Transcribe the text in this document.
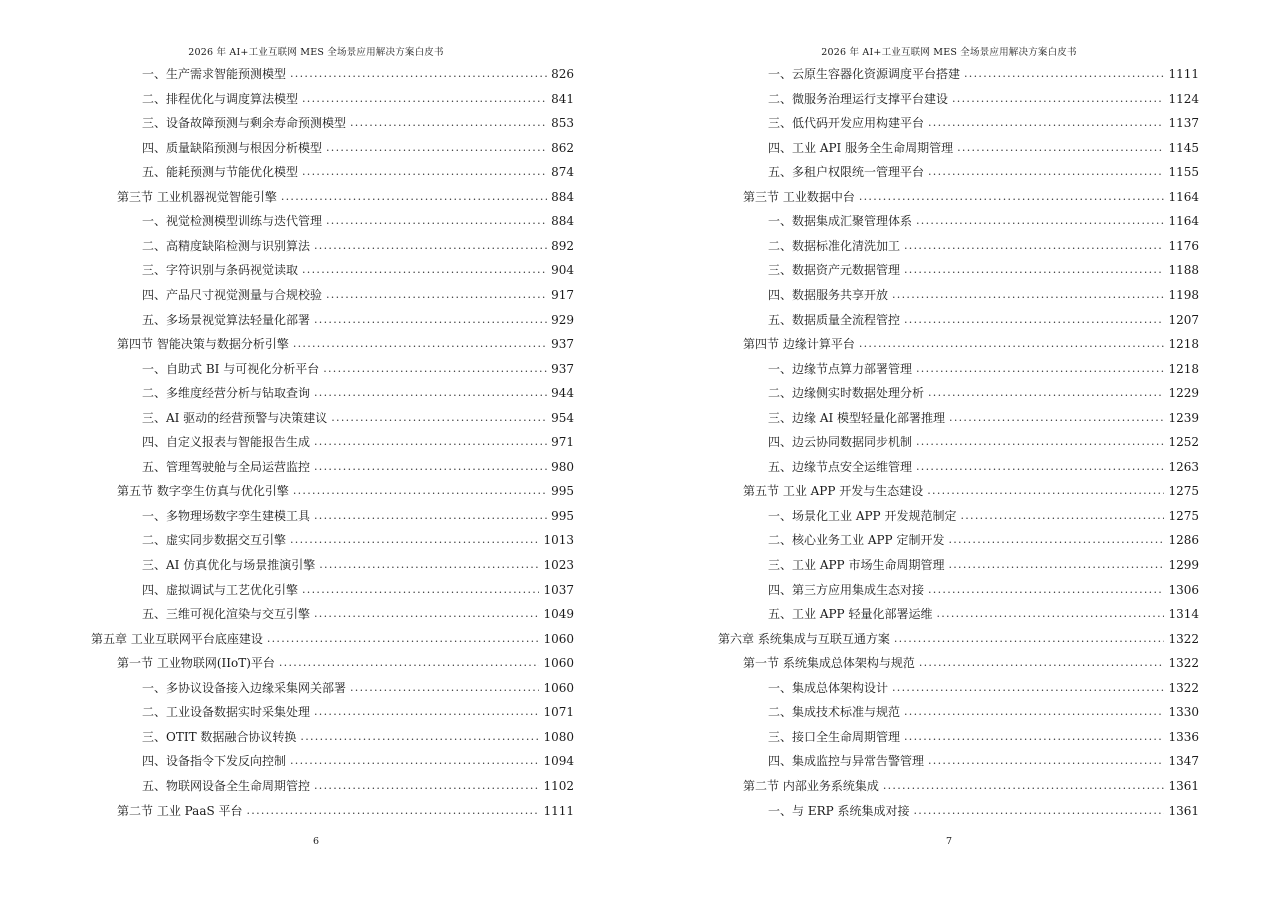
2026 年 AI+工业互联网 MES 全场景应用解决方案白皮书
一、生产需求智能预测模型 .....	826
二、排程优化与调度算法模型 .....	841
三、设备故障预测与剩余寿命预测模型 .....	853
四、质量缺陷预测与根因分析模型 .....	862
五、能耗预测与节能优化模型 .....	874
第三节 工业机器视觉智能引擎 .....	884
一、视觉检测模型训练与迭代管理 .....	884
二、高精度缺陷检测与识别算法 .....	892
三、字符识别与条码视觉读取 .....	904
四、产品尺寸视觉测量与合规校验 .....	917
五、多场景视觉算法轻量化部署 .....	929
第四节 智能决策与数据分析引擎 .....	937
一、自助式 BI 与可视化分析平台 .....	937
二、多维度经营分析与钻取查询 .....	944
三、AI 驱动的经营预警与决策建议 .....	954
四、自定义报表与智能报告生成 .....	971
五、管理驾驶舱与全局运营监控 .....	980
第五节 数字孪生仿真与优化引擎 .....	995
一、多物理场数字孪生建模工具 .....	995
二、虚实同步数据交互引擎 .....	1013
三、AI 仿真优化与场景推演引擎 .....	1023
四、虚拟调试与工艺优化引擎 .....	1037
五、三维可视化渲染与交互引擎 .....	1049
第五章 工业互联网平台底座建设 .....	1060
第一节 工业物联网(IIoT)平台 .....	1060
一、多协议设备接入边缘采集网关部署 .....	1060
二、工业设备数据实时采集处理 .....	1071
三、OTIT 数据融合协议转换 .....	1080
四、设备指令下发反向控制 .....	1094
五、物联网设备全生命周期管控 .....	1102
第二节 工业 PaaS 平台 .....	1111
6
2026 年 AI+工业互联网 MES 全场景应用解决方案白皮书
一、云原生容器化资源调度平台搭建 .....	1111
二、微服务治理运行支撑平台建设 .....	1124
三、低代码开发应用构建平台 .....	1137
四、工业 API 服务全生命周期管理 .....	1145
五、多租户权限统一管理平台 .....	1155
第三节 工业数据中台 .....	1164
一、数据集成汇聚管理体系 .....	1164
二、数据标准化清洗加工 .....	1176
三、数据资产元数据管理 .....	1188
四、数据服务共享开放 .....	1198
五、数据质量全流程管控 .....	1207
第四节 边缘计算平台 .....	1218
一、边缘节点算力部署管理 .....	1218
二、边缘侧实时数据处理分析 .....	1229
三、边缘 AI 模型轻量化部署推理 .....	1239
四、边云协同数据同步机制 .....	1252
五、边缘节点安全运维管理 .....	1263
第五节 工业 APP 开发与生态建设 .....	1275
一、场景化工业 APP 开发规范制定 .....	1275
二、核心业务工业 APP 定制开发 .....	1286
三、工业 APP 市场生命周期管理 .....	1299
四、第三方应用集成生态对接 .....	1306
五、工业 APP 轻量化部署运维 .....	1314
第六章 系统集成与互联互通方案 .....	1322
第一节 系统集成总体架构与规范 .....	1322
一、集成总体架构设计 .....	1322
二、集成技术标准与规范 .....	1330
三、接口全生命周期管理 .....	1336
四、集成监控与异常告警管理 .....	1347
第二节 内部业务系统集成 .....	1361
一、与 ERP 系统集成对接 .....	1361
7
